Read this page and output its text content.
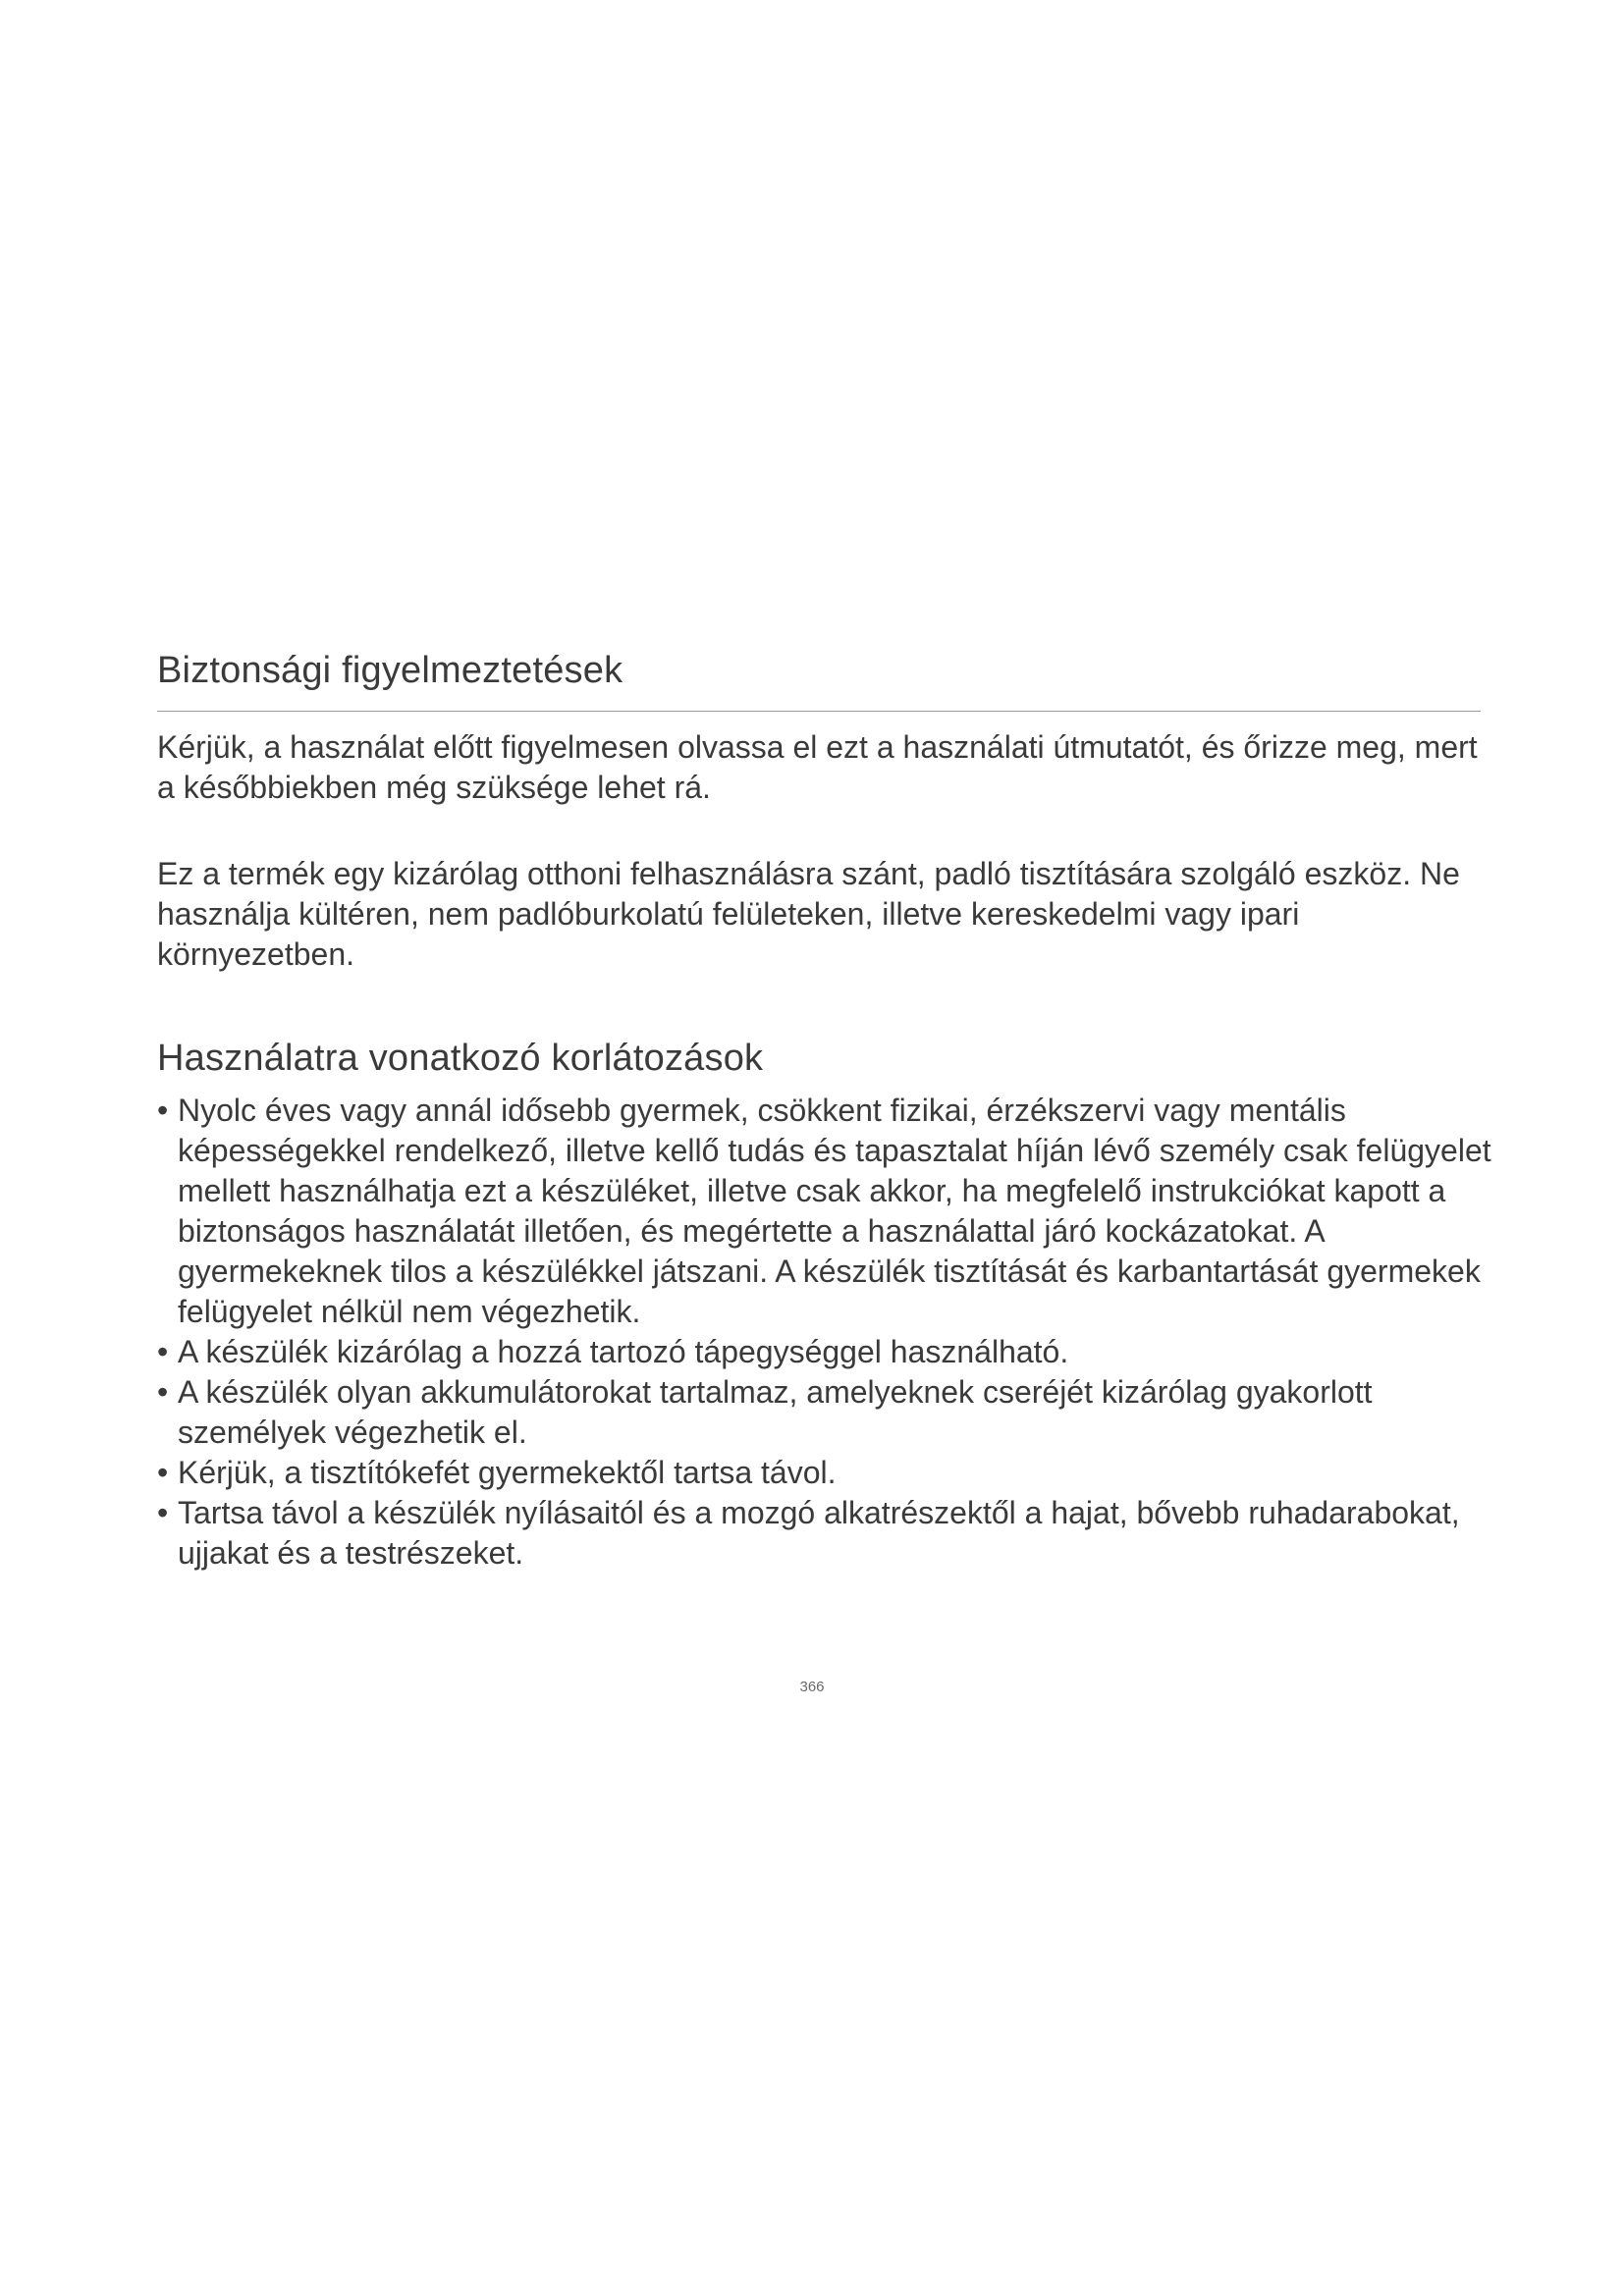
Biztonsági figyelmeztetések

Kérjük, a használat előtt figyelmesen olvassa el ezt a használati útmutatót, és őrizze meg, mert a későbbiekben még szüksége lehet rá.

Ez a termék egy kizárólag otthoni felhasználásra szánt, padló tisztítására szolgáló eszköz. Ne használja kültéren, nem padlóburkolatú felületeken, illetve kereskedelmi vagy ipari környezetben.

Használatra vonatkozó korlátozások
• Nyolc éves vagy annál idősebb gyermek, csökkent fizikai, érzékszervi vagy mentális képességekkel rendelkező, illetve kellő tudás és tapasztalat híján lévő személy csak felügyelet mellett használhatja ezt a készüléket, illetve csak akkor, ha megfelelő instrukciókat kapott a biztonságos használatát illetően, és megértette a használattal járó kockázatokat. A gyermekeknek tilos a készülékkel játszani. A készülék tisztítását és karbantartását gyermekek felügyelet nélkül nem végezhetik.
• A készülék kizárólag a hozzá tartozó tápegységgel használható.
• A készülék olyan akkumulátorokat tartalmaz, amelyeknek cseréjét kizárólag gyakorlott személyek végezhetik el.
• Kérjük, a tisztítókefét gyermekektől tartsa távol.
• Tartsa távol a készülék nyílásaitól és a mozgó alkatrészektől a hajat, bővebb ruhadarabokat, ujjakat és a testrészeket.
366
